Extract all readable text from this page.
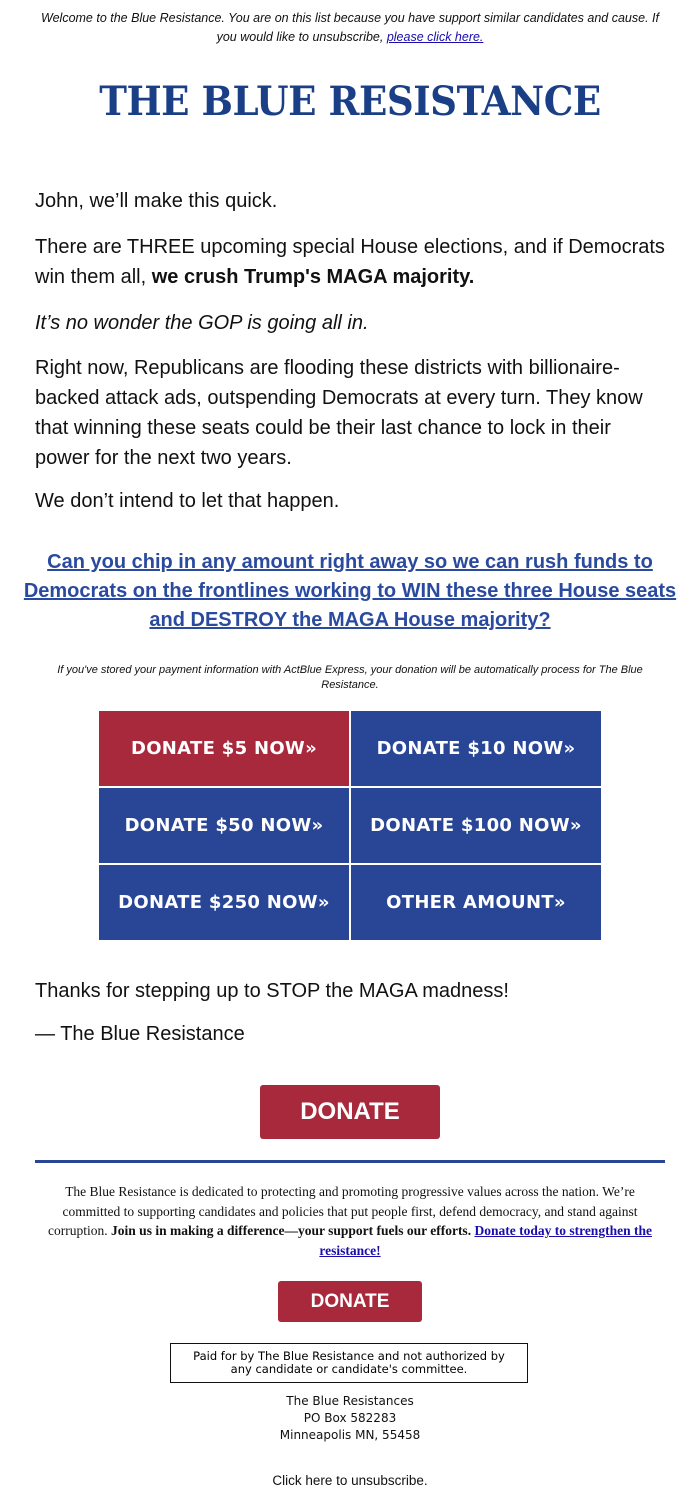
Welcome to the Blue Resistance. You are on this list because you have support similar candidates and cause. If you would like to unsubscribe, please click here.
THE BLUE RESISTANCE
John, we’ll make this quick.
There are THREE upcoming special House elections, and if Democrats win them all, we crush Trump's MAGA majority.
It’s no wonder the GOP is going all in.
Right now, Republicans are flooding these districts with billionaire-backed attack ads, outspending Democrats at every turn. They know that winning these seats could be their last chance to lock in their power for the next two years.
We don’t intend to let that happen.
Can you chip in any amount right away so we can rush funds to Democrats on the frontlines working to WIN these three House seats and DESTROY the MAGA House majority?
If you've stored your payment information with ActBlue Express, your donation will be automatically process for The Blue Resistance.
DONATE $5 NOW»	DONATE $10 NOW»
DONATE $50 NOW»	DONATE $100 NOW»
DONATE $250 NOW»	OTHER AMOUNT»
Thanks for stepping up to STOP the MAGA madness!
— The Blue Resistance
DONATE
The Blue Resistance is dedicated to protecting and promoting progressive values across the nation. We’re committed to supporting candidates and policies that put people first, defend democracy, and stand against corruption. Join us in making a difference—your support fuels our efforts. Donate today to strengthen the resistance!
DONATE
Paid for by The Blue Resistance and not authorized by any candidate or candidate's committee.
The Blue Resistances
PO Box 582283
Minneapolis MN, 55458
Click here to unsubscribe.
